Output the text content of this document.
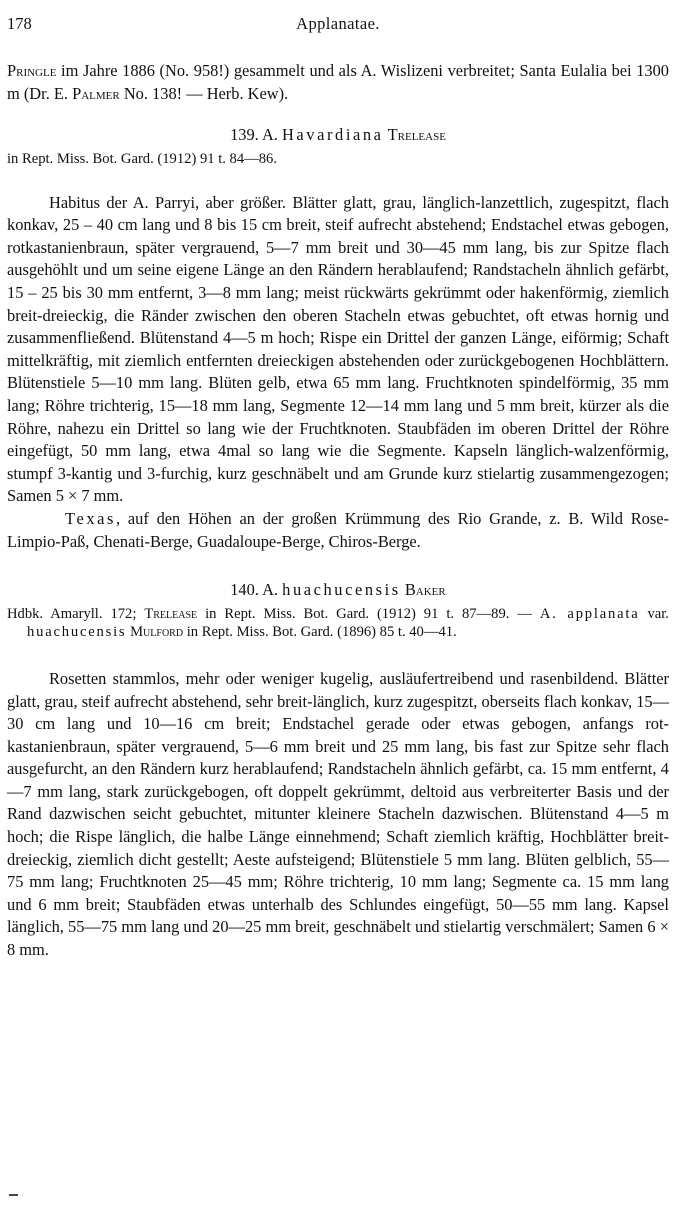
178	Applanatae.

Pringle im Jahre 1886 (No. 958!) gesammelt und als A. Wislizeni verbreitet; Santa Eulalia bei 1300 m (Dr. E. Palmer No. 138! — Herb. Kew).

139. A. Havardiana Trelease

in Rept. Miss. Bot. Gard. (1912) 91 t. 84—86.

Habitus der A. Parryi, aber größer. Blätter glatt, grau, länglich-lanzettlich, zugespitzt, flach konkav, 25 – 40 cm lang und 8 bis 15 cm breit, steif aufrecht abstehend; Endstachel etwas gebogen, rotkastanienbraun, später vergrauend, 5—7 mm breit und 30—45 mm lang, bis zur Spitze flach ausgehöhlt und um seine eigene Länge an den Rändern herablaufend; Randstacheln ähnlich gefärbt, 15 – 25 bis 30 mm entfernt, 3—8 mm lang; meist rückwärts gekrümmt oder hakenförmig, ziemlich breit-dreieckig, die Ränder zwischen den oberen Stacheln etwas gebuchtet, oft etwas hornig und zusammenfließend. Blütenstand 4—5 m hoch; Rispe ein Drittel der ganzen Länge, eiförmig; Schaft mittelkräftig, mit ziemlich entfernten dreieckigen abstehenden oder zurückgebogenen Hochblättern. Blütenstiele 5—10 mm lang. Blüten gelb, etwa 65 mm lang. Fruchtknoten spindelförmig, 35 mm lang; Röhre trichterig, 15—18 mm lang, Segmente 12—14 mm lang und 5 mm breit, kürzer als die Röhre, nahezu ein Drittel so lang wie der Fruchtknoten. Staubfäden im oberen Drittel der Röhre eingefügt, 50 mm lang, etwa 4mal so lang wie die Segmente. Kapseln länglich-walzenförmig, stumpf 3-kantig und 3-furchig, kurz geschnäbelt und am Grunde kurz stielartig zusammengezogen; Samen 5 × 7 mm.

Texas, auf den Höhen an der großen Krümmung des Rio Grande, z. B. Wild Rose-Limpio-Paß, Chenati-Berge, Guadaloupe-Berge, Chiros-Berge.

140. A. huachucensis Baker

Hdbk. Amaryll. 172; Trelease in Rept. Miss. Bot. Gard. (1912) 91 t. 87—89. — A. applanata var. huachucensis Mulford in Rept. Miss. Bot. Gard. (1896) 85 t. 40—41.

Rosetten stammlos, mehr oder weniger kugelig, ausläufertreibend und rasenbildend. Blätter glatt, grau, steif aufrecht abstehend, sehr breit-länglich, kurz zugespitzt, oberseits flach konkav, 15—30 cm lang und 10—16 cm breit; Endstachel gerade oder etwas gebogen, anfangs rot-kastanienbraun, später vergrauend, 5—6 mm breit und 25 mm lang, bis fast zur Spitze sehr flach ausgefurcht, an den Rändern kurz herablaufend; Randstacheln ähnlich gefärbt, ca. 15 mm entfernt, 4—7 mm lang, stark zurückgebogen, oft doppelt gekrümmt, deltoid aus verbreiterter Basis und der Rand dazwischen seicht gebuchtet, mitunter kleinere Stacheln dazwischen. Blütenstand 4—5 m hoch; die Rispe länglich, die halbe Länge einnehmend; Schaft ziemlich kräftig, Hochblätter breit-dreieckig, ziemlich dicht gestellt; Aeste aufsteigend; Blütenstiele 5 mm lang. Blüten gelblich, 55—75 mm lang; Fruchtknoten 25—45 mm; Röhre trichterig, 10 mm lang; Segmente ca. 15 mm lang und 6 mm breit; Staubfäden etwas unterhalb des Schlundes eingefügt, 50—55 mm lang. Kapsel länglich, 55—75 mm lang und 20—25 mm breit, geschnäbelt und stielartig verschmälert; Samen 6 × 8 mm.
